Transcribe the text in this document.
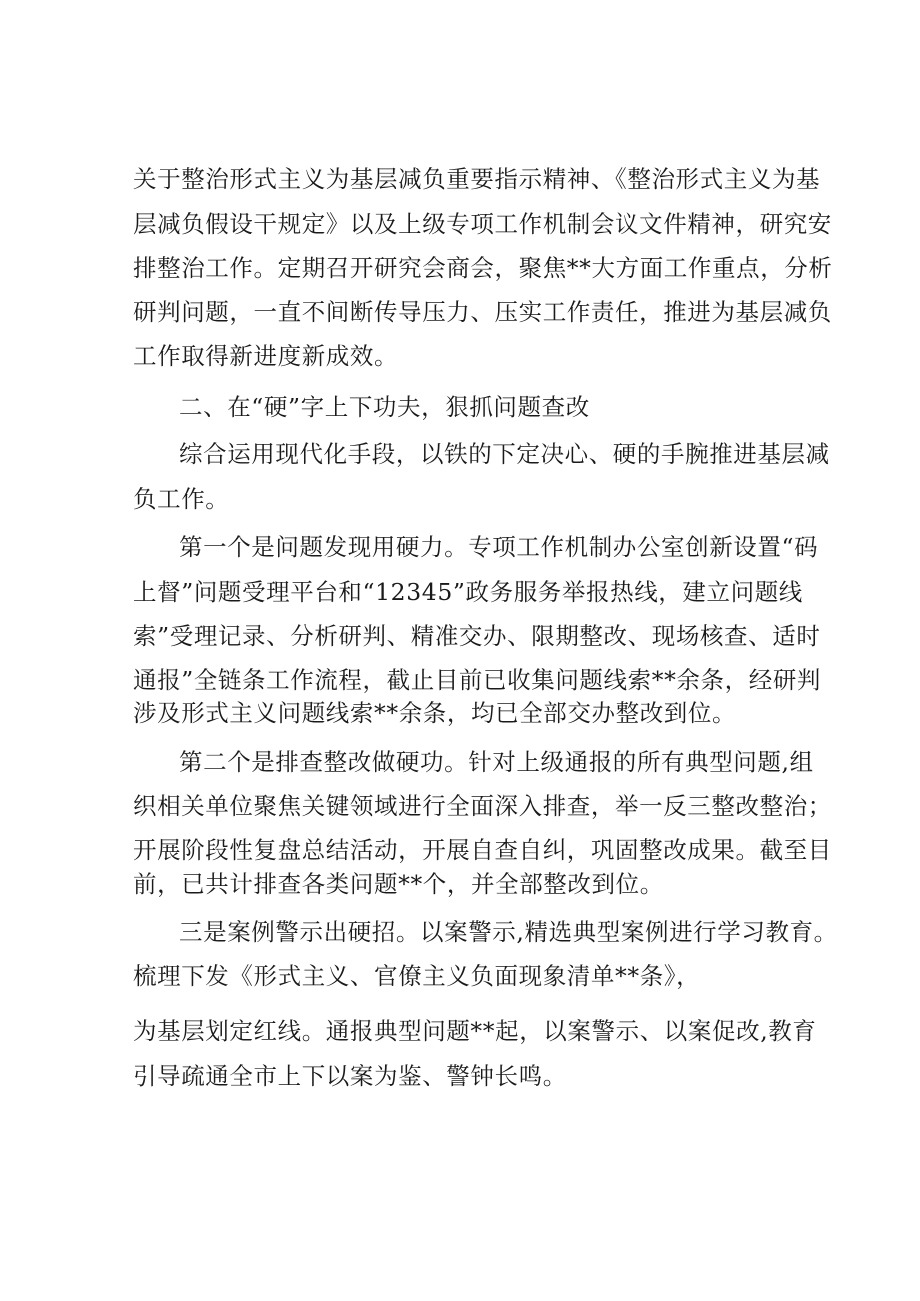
关于整治形式主义为基层减负重要指示精神、《整治形式主义为基

层减负假设干规定》以及上级专项工作机制会议文件精神，研究安

排整治工作。定期召开研究会商会，聚焦**大方面工作重点，分析

研判问题，一直不间断传导压力、压实工作责任，推进为基层减负

工作取得新进度新成效。

二、在“硬”字上下功夫，狠抓问题查改

综合运用现代化手段，以铁的下定决心、硬的手腕推进基层减

负工作。

第一个是问题发现用硬力。专项工作机制办公室创新设置“码

上督”问题受理平台和“12345”政务服务举报热线，建立问题线

索”受理记录、分析研判、精准交办、限期整改、现场核查、适时

通报”全链条工作流程，截止目前已收集问题线索**余条，经研判

涉及形式主义问题线索**余条，均已全部交办整改到位。

第二个是排查整改做硬功。针对上级通报的所有典型问题,组

织相关单位聚焦关键领域进行全面深入排查，举一反三整改整治；

开展阶段性复盘总结活动，开展自查自纠，巩固整改成果。截至目

前，已共计排查各类问题**个，并全部整改到位。

三是案例警示出硬招。以案警示,精选典型案例进行学习教育。

梳理下发《形式主义、官僚主义负面现象清单**条》，

为基层划定红线。通报典型问题**起，以案警示、以案促改,教育

引导疏通全市上下以案为鉴、警钟长鸣。
